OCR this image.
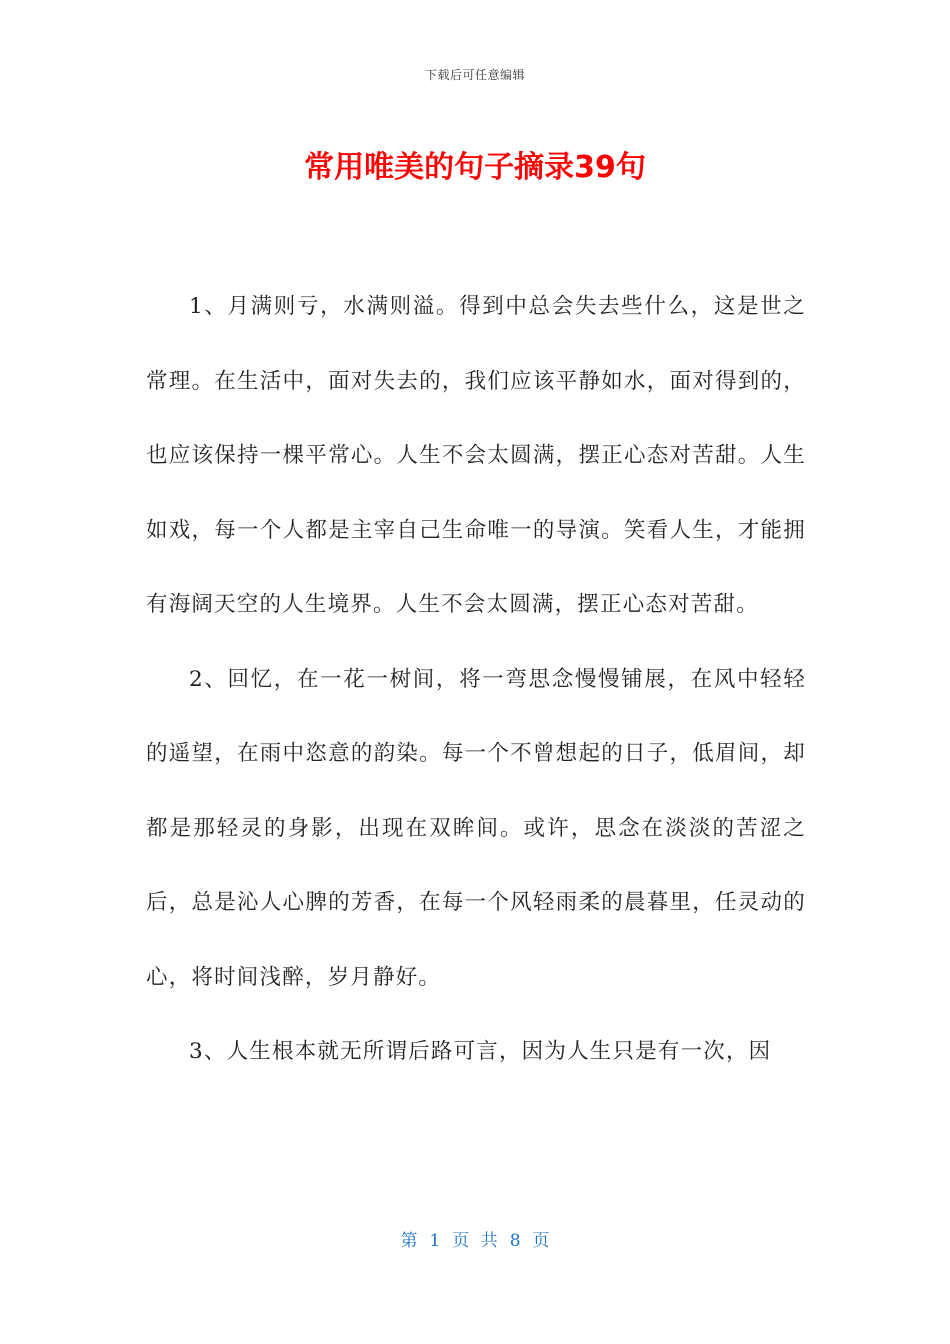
下载后可任意编辑
常用唯美的句子摘录39句

1、月满则亏，水满则溢。得到中总会失去些什么，这是世之常理。在生活中，面对失去的，我们应该平静如水，面对得到的，也应该保持一棵平常心。人生不会太圆满，摆正心态对苦甜。人生如戏，每一个人都是主宰自己生命唯一的导演。笑看人生，才能拥有海阔天空的人生境界。人生不会太圆满，摆正心态对苦甜。

2、回忆，在一花一树间，将一弯思念慢慢铺展，在风中轻轻的遥望，在雨中恣意的韵染。每一个不曾想起的日子，低眉间，却都是那轻灵的身影，出现在双眸间。或许，思念在淡淡的苦涩之后，总是沁人心脾的芳香，在每一个风轻雨柔的晨暮里，任灵动的心，将时间浅醉，岁月静好。

3、人生根本就无所谓后路可言，因为人生只是有一次，因

第 1 页 共 8 页
